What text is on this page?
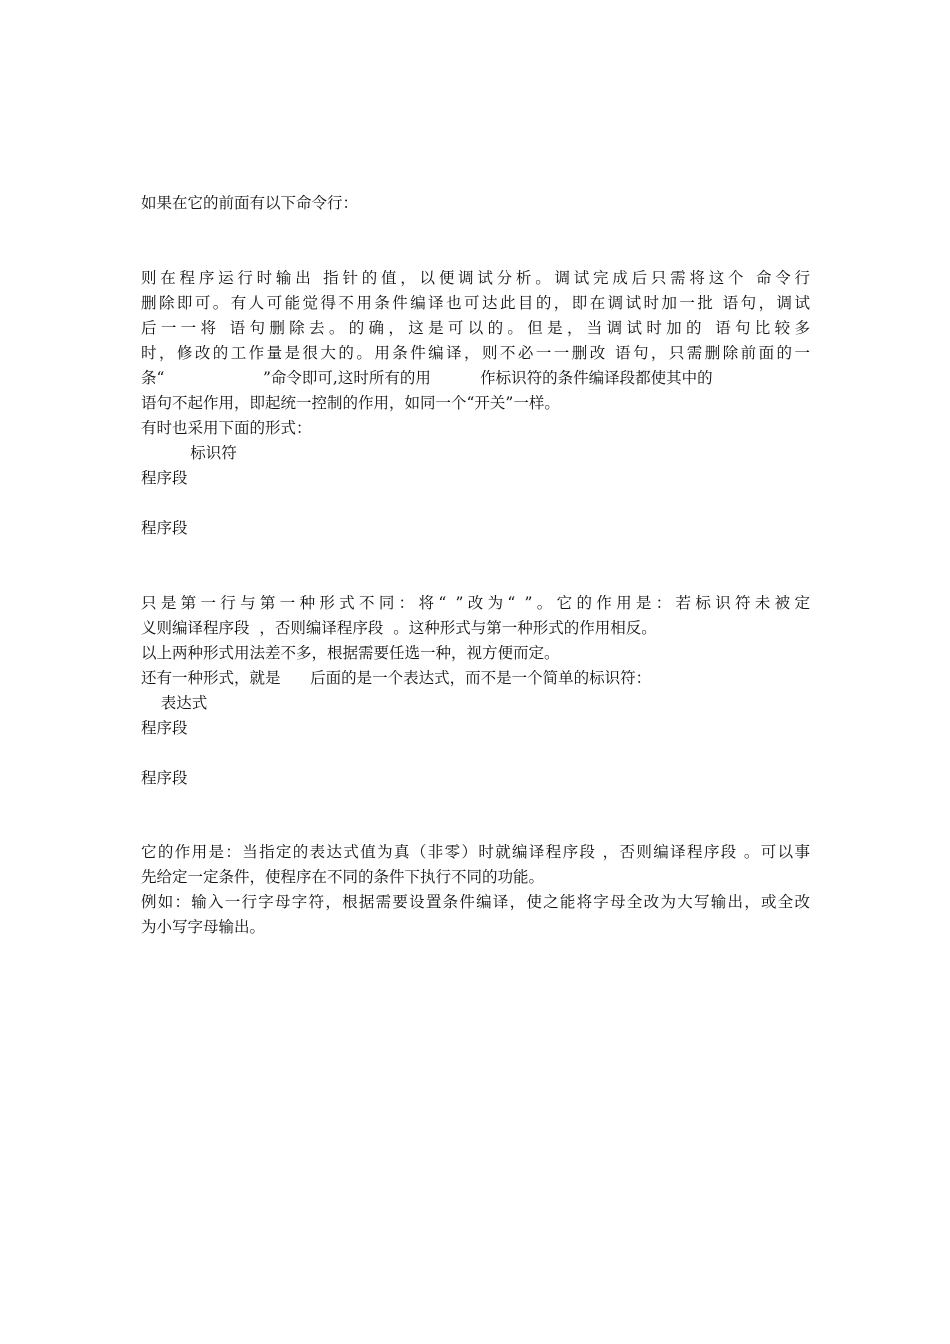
如果在它的前面有以下命令行：
则在程序运行时输出 指针的值，以便调试分析。调试完成后只需将这个 命令行
删除即可。有人可能觉得不用条件编译也可达此目的，即在调试时加一批 语句，调试
后一一将 语句删除去。的确，这是可以的。但是，当调试时加的 语句比较多
时，修改的工作量是很大的。用条件编译，则不必一一删改 语句，只需删除前面的一
条“                    ”命令即可,这时所有的用          作标识符的条件编译段都使其中的
语句不起作用，即起统一控制的作用，如同一个“开关”一样。
有时也采用下面的形式：
标识符
程序段
程序段
只是第一行与第一种形式不同：将“ ”改为“ ”。它的作用是：若标识符未被定
义则编译程序段  ，否则编译程序段  。这种形式与第一种形式的作用相反。
以上两种形式用法差不多，根据需要任选一种，视方便而定。
还有一种形式，就是      后面的是一个表达式，而不是一个简单的标识符：
表达式
程序段
程序段
它的作用是：当指定的表达式值为真（非零）时就编译程序段 ，否则编译程序段 。可以事
先给定一定条件，使程序在不同的条件下执行不同的功能。
例如：输入一行字母字符，根据需要设置条件编译，使之能将字母全改为大写输出，或全改
为小写字母输出。
